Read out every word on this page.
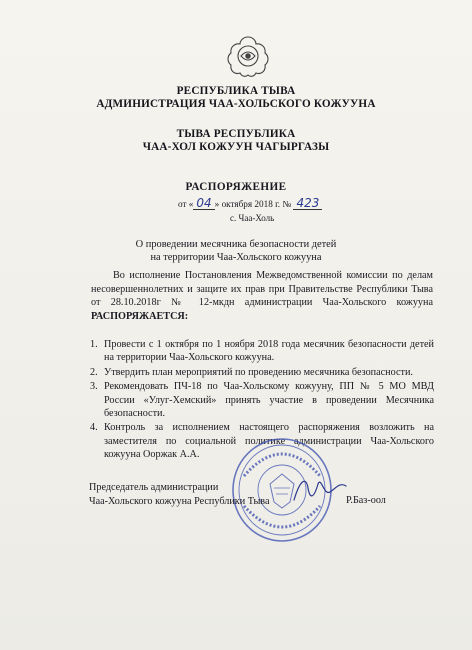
РЕСПУБЛИКА ТЫВА
АДМИНИСТРАЦИЯ ЧАА-ХОЛЬСКОГО КОЖУУНА
ТЫВА РЕСПУБЛИКА
ЧАА-ХОЛ КОЖУУН ЧАГЫРГАЗЫ
РАСПОРЯЖЕНИЕ
от « 04 » октября 2018 г. № 423
с. Чаа-Холь
О проведении месячника безопасности детей
на территории Чаа-Хольского кожууна
Во исполнение Постановления Межведомственной комиссии по делам несовершеннолетних и защите их прав при Правительстве Республики Тыва от 28.10.2018г № 12-мкдн администрации Чаа-Хольского кожууна РАСПОРЯЖАЕТСЯ:
1. Провести с 1 октября по 1 ноября 2018 года месячник безопасности детей на территории Чаа-Хольского кожууна.
2. Утвердить план мероприятий по проведению месячника безопасности.
3. Рекомендовать ПЧ-18 по Чаа-Хольскому кожууну, ПП № 5 МО МВД России «Улуг-Хемский» принять участие в проведении Месячника безопасности.
4. Контроль за исполнением настоящего распоряжения возложить на заместителя по социальной политике администрации Чаа-Хольского кожууна Ооржак А.А.
Председатель администрации
Чаа-Хольского кожууна Республики Тыва	Р.Баз-оол
